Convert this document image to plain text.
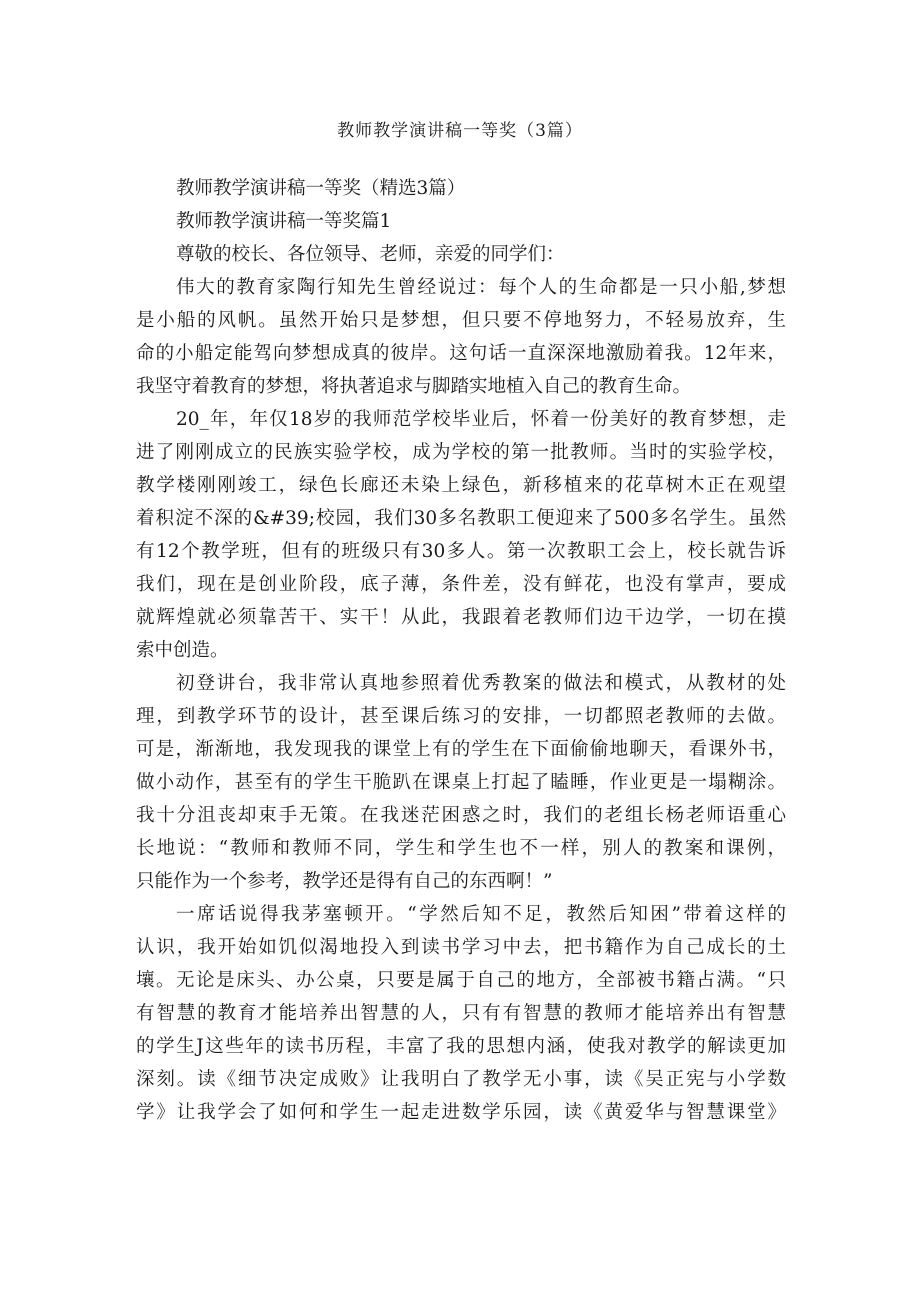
教师教学演讲稿一等奖（3篇）

教师教学演讲稿一等奖（精选3篇）

教师教学演讲稿一等奖篇1

尊敬的校长、各位领导、老师，亲爱的同学们：

伟大的教育家陶行知先生曾经说过：每个人的生命都是一只小船,梦想

是小船的风帆。虽然开始只是梦想，但只要不停地努力，不轻易放弃，生

命的小船定能驾向梦想成真的彼岸。这句话一直深深地激励着我。12年来，

我坚守着教育的梦想，将执著追求与脚踏实地植入自己的教育生命。

20_年，年仅18岁的我师范学校毕业后，怀着一份美好的教育梦想，走

进了刚刚成立的民族实验学校，成为学校的第一批教师。当时的实验学校，

教学楼刚刚竣工，绿色长廊还未染上绿色，新移植来的花草树木正在观望

着积淀不深的&#39;校园，我们30多名教职工便迎来了500多名学生。虽然

有12个教学班，但有的班级只有30多人。第一次教职工会上，校长就告诉

我们，现在是创业阶段，底子薄，条件差，没有鲜花，也没有掌声，要成

就辉煌就必须靠苦干、实干！从此，我跟着老教师们边干边学，一切在摸

索中创造。

初登讲台，我非常认真地参照着优秀教案的做法和模式，从教材的处

理，到教学环节的设计，甚至课后练习的安排，一切都照老教师的去做。

可是，渐渐地，我发现我的课堂上有的学生在下面偷偷地聊天，看课外书，

做小动作，甚至有的学生干脆趴在课桌上打起了瞌睡，作业更是一塌糊涂。

我十分沮丧却束手无策。在我迷茫困惑之时，我们的老组长杨老师语重心

长地说：“教师和教师不同，学生和学生也不一样，别人的教案和课例，

只能作为一个参考，教学还是得有自己的东西啊！”

一席话说得我茅塞顿开。“学然后知不足，教然后知困”带着这样的

认识，我开始如饥似渴地投入到读书学习中去，把书籍作为自己成长的土

壤。无论是床头、办公桌，只要是属于自己的地方，全部被书籍占满。“只

有智慧的教育才能培养出智慧的人，只有有智慧的教师才能培养出有智慧

的学生J这些年的读书历程，丰富了我的思想内涵，使我对教学的解读更加

深刻。读《细节决定成败》让我明白了教学无小事，读《吴正宪与小学数

学》让我学会了如何和学生一起走进数学乐园，读《黄爱华与智慧课堂》
